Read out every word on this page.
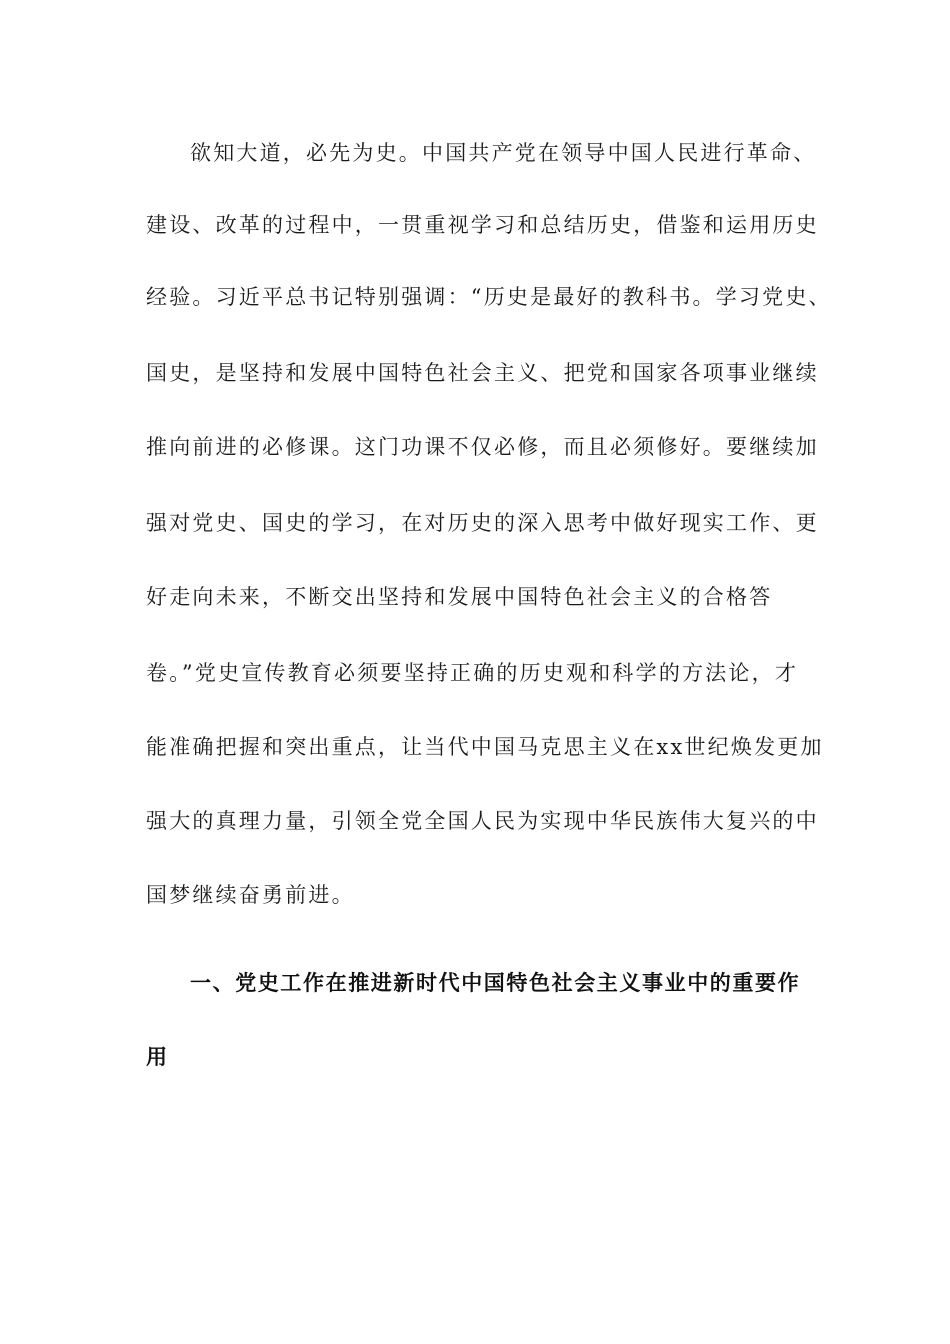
欲知大道，必先为史。中国共产党在领导中国人民进行革命、
建设、改革的过程中，一贯重视学习和总结历史，借鉴和运用历史
经验。习近平总书记特别强调：“历史是最好的教科书。学习党史、
国史，是坚持和发展中国特色社会主义、把党和国家各项事业继续
推向前进的必修课。这门功课不仅必修，而且必须修好。要继续加
强对党史、国史的学习，在对历史的深入思考中做好现实工作、更
好走向未来，不断交出坚持和发展中国特色社会主义的合格答
卷。”党史宣传教育必须要坚持正确的历史观和科学的方法论，才
能准确把握和突出重点，让当代中国马克思主义在xx世纪焕发更加
强大的真理力量，引领全党全国人民为实现中华民族伟大复兴的中
国梦继续奋勇前进。
一、党史工作在推进新时代中国特色社会主义事业中的重要作
用
